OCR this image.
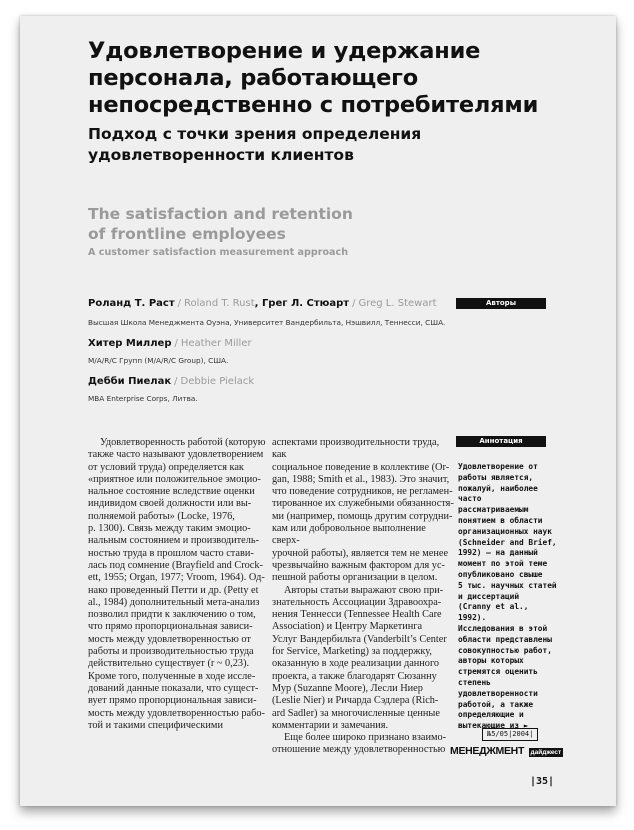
Удовлетворение и удержание
персонала, работающего
непосредственно с потребителями
Подход с точки зрения определения
удовлетворенности клиентов
The satisfaction and retention
of frontline employees
A customer satisfaction measurement approach
Авторы
Роланд Т. Раст / Roland T. Rust, Грег Л. Стюарт / Greg L. Stewart
Высшая Школа Менеджмента Оуэна, Университет Вандербильта, Нэшвилл, Теннесси, США.
Хитер Миллер / Heather Miller
M/A/R/C Групп (M/A/R/C Group), США.
Дебби Пиелак / Debbie Pielack
MBA Enterprise Corps, Литва.

Удовлетворенность работой (которую

также часто называют удовлетворением
от условий труда) определяется как
«приятное или положительное эмоцио-
нальное состояние вследствие оценки
индивидом своей должности или вы-
полняемой работы» (Locke, 1976,
p. 1300). Связь между таким эмоцио-
нальным состоянием и производитель-
ностью труда в прошлом часто стави-
лась под сомнение (Brayfield and Crock-
ett, 1955; Organ, 1977; Vroom, 1964). Од-
нако проведенный Петти и др. (Petty et
al., 1984) дополнительный мета-анализ
позволил придти к заключению о том,
что прямо пропорциональная зависи-
мость между удовлетворенностью от
работы и производительностью труда
действительно существует (r ~ 0,23).
Кроме того, полученные в ходе иссле-
дований данные показали, что сущест-
вует прямо пропорциональная зависи-
мость между удовлетворенностью рабо-
той и такими специфическими
аспектами производительности труда, как
социальное поведение в коллективе (Or-
gan, 1988; Smith et al., 1983). Это значит,
что поведение сотрудников, не регламен-
тированное их служебными обязанностя-
ми (например, помощь другим сотрудни-
кам или добровольное выполнение сверх-
урочной работы), является тем не менее
чрезвычайно важным фактором для ус-
пешной работы организации в целом.
Авторы статьи выражают свою при-
знательность Ассоциации Здравоохра-
нения Теннесси (Tennessee Health Care
Association) и Центру Маркетинга
Услуг Вандербильта (Vanderbilt’s Center
for Service, Marketing) за поддержку,
оказанную в ходе реализации данного
проекта, а также благодарят Сюзанну
Мур (Suzanne Moore), Лесли Ниер
(Leslie Nier) и Ричарда Сэдлера (Rich-
ard Sadler) за многочисленные ценные
комментарии и замечания.
Еще более широко признано взаимо-
отношение между удовлетворенностью
Аннотация
Удовлетворение от
работы является,
пожалуй, наиболее
часто
рассматриваемым
понятием в области
организационных наук
(Schneider and Brief,
1992) — на данный
момент по этой теме
опубликовано свыше
5 тыс. научных статей
и диссертаций
(Cranny et al., 1992).
Исследования в этой
области представлены
совокупностью работ,
авторы которых
стремятся оценить
степень
удовлетворенности
работой, а также
определяющие и
вытекающие из ►
№5/05|2004|
МЕНЕДЖМЕНТ дайджест
|35|
